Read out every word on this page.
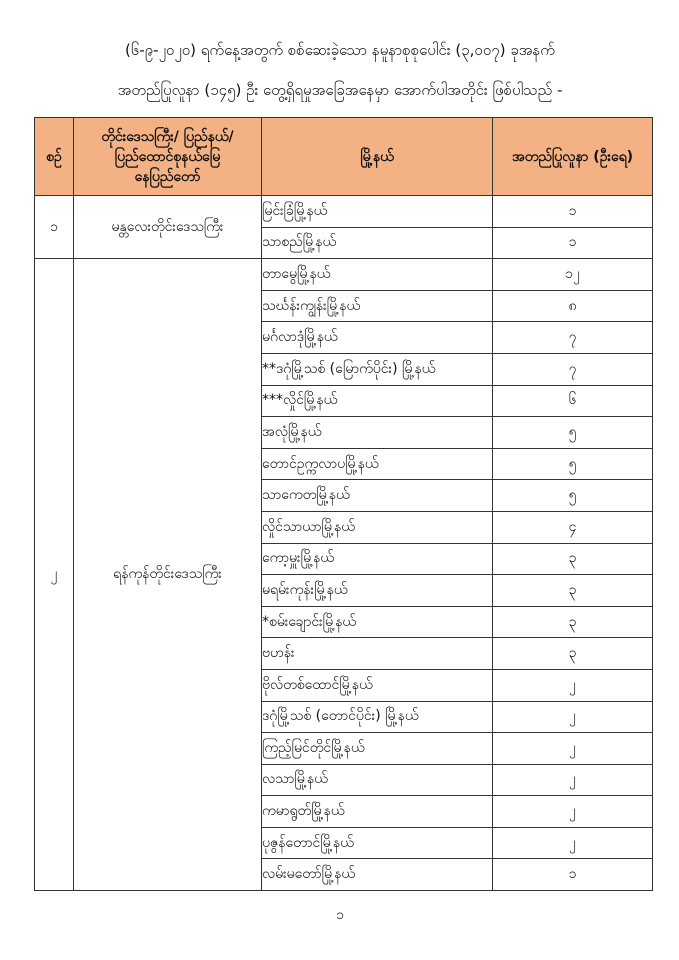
(၆-၉-၂၀၂၀) ရက်နေ့အတွက် စစ်ဆေးခဲ့သော နမူနာစုစုပေါင်း (၃,၀၀၇) ခုအနက်
အတည်ပြုလူနာ (၁၄၅) ဦး တွေ့ရှိရမှုအခြေအနေမှာ အောက်ပါအတိုင်း ဖြစ်ပါသည် -
စဉ်	တိုင်းဒေသကြီး/ ပြည်နယ်/
ပြည်ထောင်စုနယ်မြေ
နေပြည်တော်	မြို့နယ်	အတည်ပြုလူနာ (ဦးရေ)
၁	မန္တလေးတိုင်းဒေသကြီး	မြင်းခြံမြို့နယ်	၁
		သာစည်မြို့နယ်	၁
၂	ရန်ကုန်တိုင်းဒေသကြီး	တာမွေမြို့နယ်	၁၂
		သင်္ဃန်းကျွန်းမြို့နယ်	၈
		မင်္ဂလာဒုံမြို့နယ်	၇
		**ဒဂုံမြို့သစ် (မြောက်ပိုင်း) မြို့နယ်	၇
		***လှိုင်မြို့နယ်	၆
		အလုံမြို့နယ်	၅
		တောင်ဥက္ကလာပမြို့နယ်	၅
		သာကေတမြို့နယ်	၅
		လှိုင်သာယာမြို့နယ်	၄
		ကော့မှူးမြို့နယ်	၃
		မရမ်းကုန်းမြို့နယ်	၃
		*စမ်းချောင်းမြို့နယ်	၃
		ဗဟန်း	၃
		ဗိုလ်တစ်ထောင်မြို့နယ်	၂
		ဒဂုံမြို့သစ် (တောင်ပိုင်း) မြို့နယ်	၂
		ကြည့်မြင်တိုင်မြို့နယ်	၂
		လသာမြို့နယ်	၂
		ကမာရွတ်မြို့နယ်	၂
		ပုဇွန်တောင်မြို့နယ်	၂
		လမ်းမတော်မြို့နယ်	၁
၁
